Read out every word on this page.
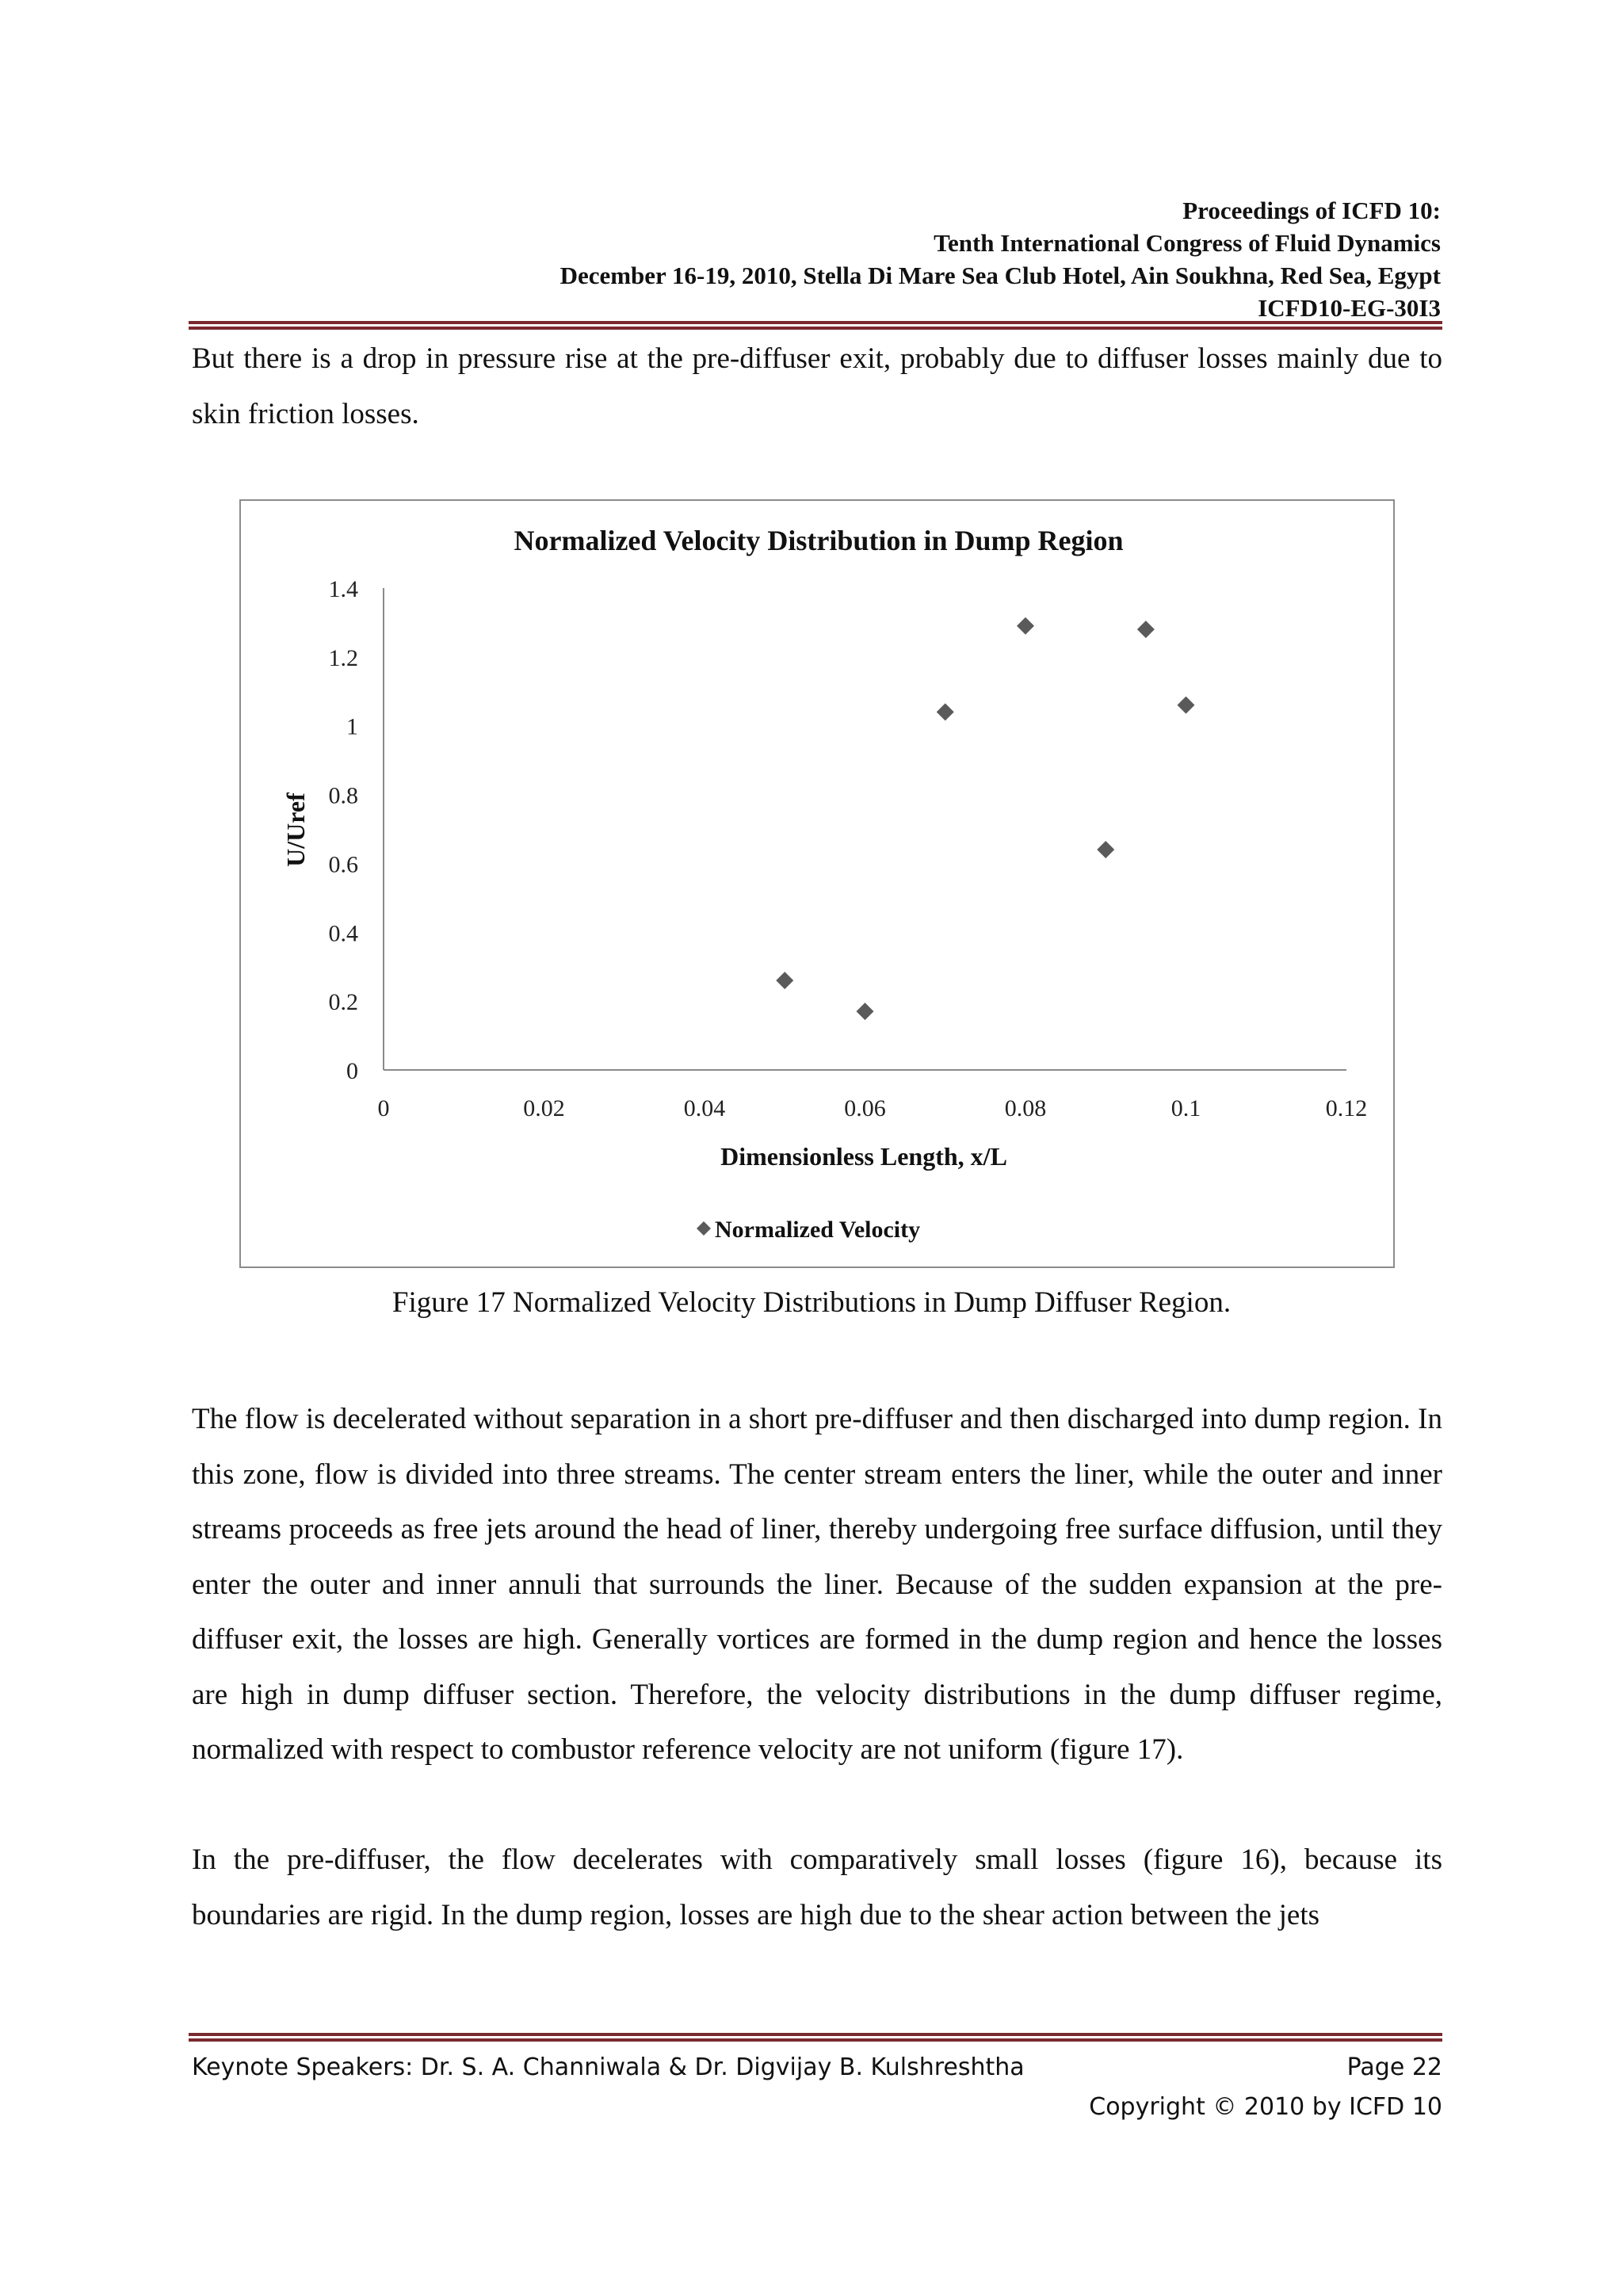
Proceedings of ICFD 10:
Tenth International Congress of Fluid Dynamics
December 16-19, 2010, Stella Di Mare Sea Club Hotel, Ain Soukhna, Red Sea, Egypt
ICFD10-EG-30I3

But there is a drop in pressure rise at the pre-diffuser exit, probably due to diffuser losses mainly due to skin friction losses.

Normalized Velocity Distribution in Dump Region
0
0.2
0.4
0.6
0.8
1
1.2
1.4
0	0.02	0.04	0.06	0.08	0.1	0.12
U/Uref
Dimensionless Length, x/L
Normalized Velocity
Figure 17 Normalized Velocity Distributions in Dump Diffuser Region.

The flow is decelerated without separation in a short pre-diffuser and then discharged into dump region. In this zone, flow is divided into three streams. The center stream enters the liner, while the outer and inner streams proceeds as free jets around the head of liner, thereby undergoing free surface diffusion, until they enter the outer and inner annuli that surrounds the liner. Because of the sudden expansion at the pre-diffuser exit, the losses are high. Generally vortices are formed in the dump region and hence the losses are high in dump diffuser section. Therefore, the velocity distributions in the dump diffuser regime, normalized with respect to combustor reference velocity are not uniform (figure 17).

In the pre-diffuser, the flow decelerates with comparatively small losses (figure 16), because its boundaries are rigid. In the dump region, losses are high due to the shear action between the jets

Keynote Speakers: Dr. S. A. Channiwala & Dr. Digvijay B. Kulshreshtha	Page 22
Copyright © 2010 by ICFD 10
